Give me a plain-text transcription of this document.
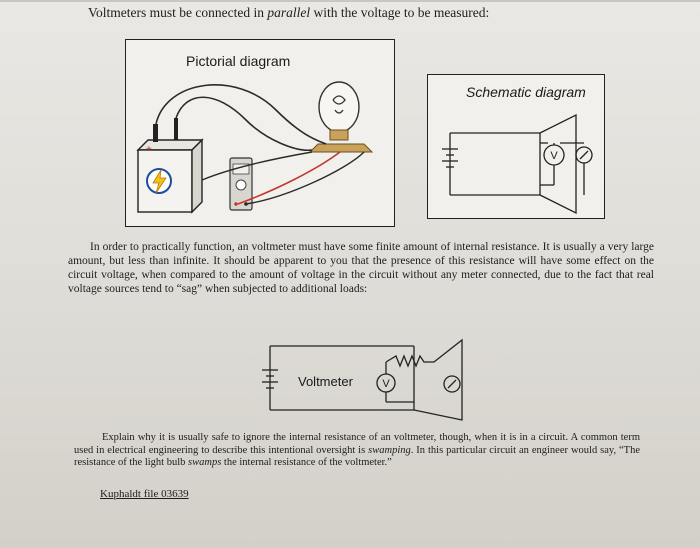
Voltmeters must be connected in parallel with the voltage to be measured:
Pictorial diagram
+
Schematic diagram
V
In order to practically function, an voltmeter must have some finite amount of internal resistance. It is usually a very large amount, but less than infinite. It should be apparent to you that the presence of this resistance will have some effect on the circuit voltage, when compared to the amount of voltage in the circuit without any meter connected, due to the fact that real voltage sources tend to “sag” when subjected to additional loads:
V
Voltmeter
Explain why it is usually safe to ignore the internal resistance of an voltmeter, though, when it is in a circuit. A common term used in electrical engineering to describe this intentional oversight is swamping. In this particular circuit an engineer would say, “The resistance of the light bulb swamps the internal resistance of the voltmeter.”
Kuphaldt file 03639
